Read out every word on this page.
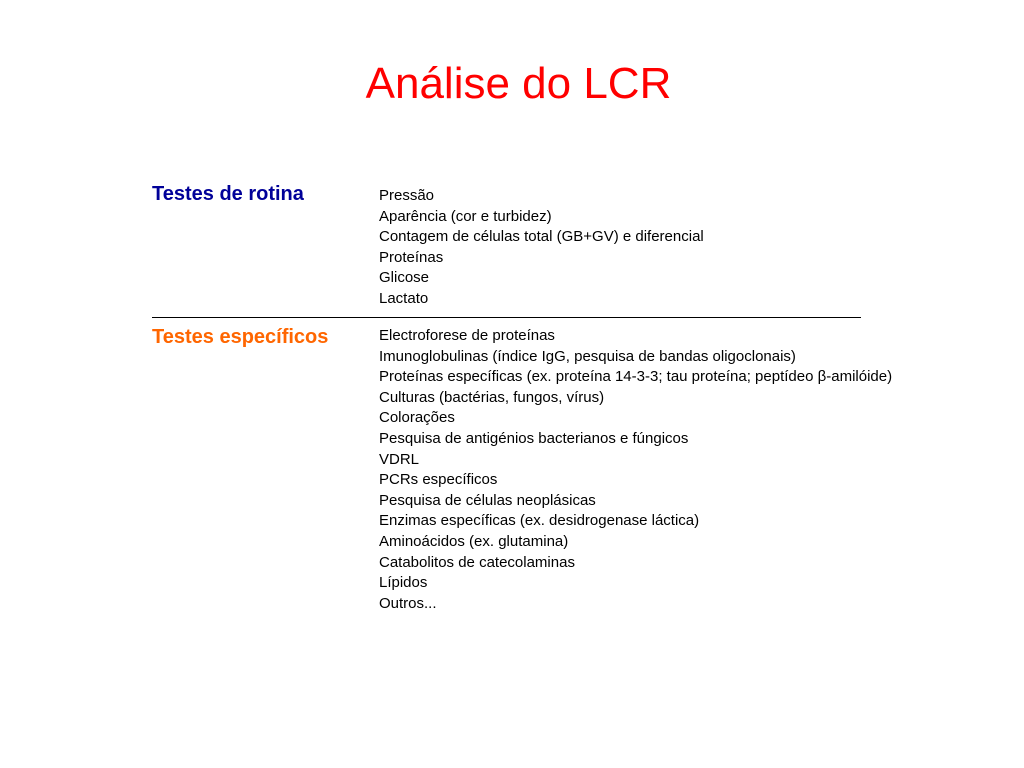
Análise do LCR
Testes de rotina	Pressão
Aparência (cor e turbidez)
Contagem de células total (GB+GV) e diferencial
Proteínas
Glicose
Lactato
Testes específicos	Electroforese de proteínas
Imunoglobulinas (índice IgG, pesquisa de bandas oligoclonais)
Proteínas específicas (ex. proteína 14-3-3; tau proteína; peptídeo β-amilóide)
Culturas (bactérias, fungos, vírus)
Colorações
Pesquisa de antigénios bacterianos e fúngicos
VDRL
PCRs específicos
Pesquisa de células neoplásicas
Enzimas específicas (ex. desidrogenase láctica)
Aminoácidos (ex. glutamina)
Catabolitos de catecolaminas
Lípidos
Outros...
